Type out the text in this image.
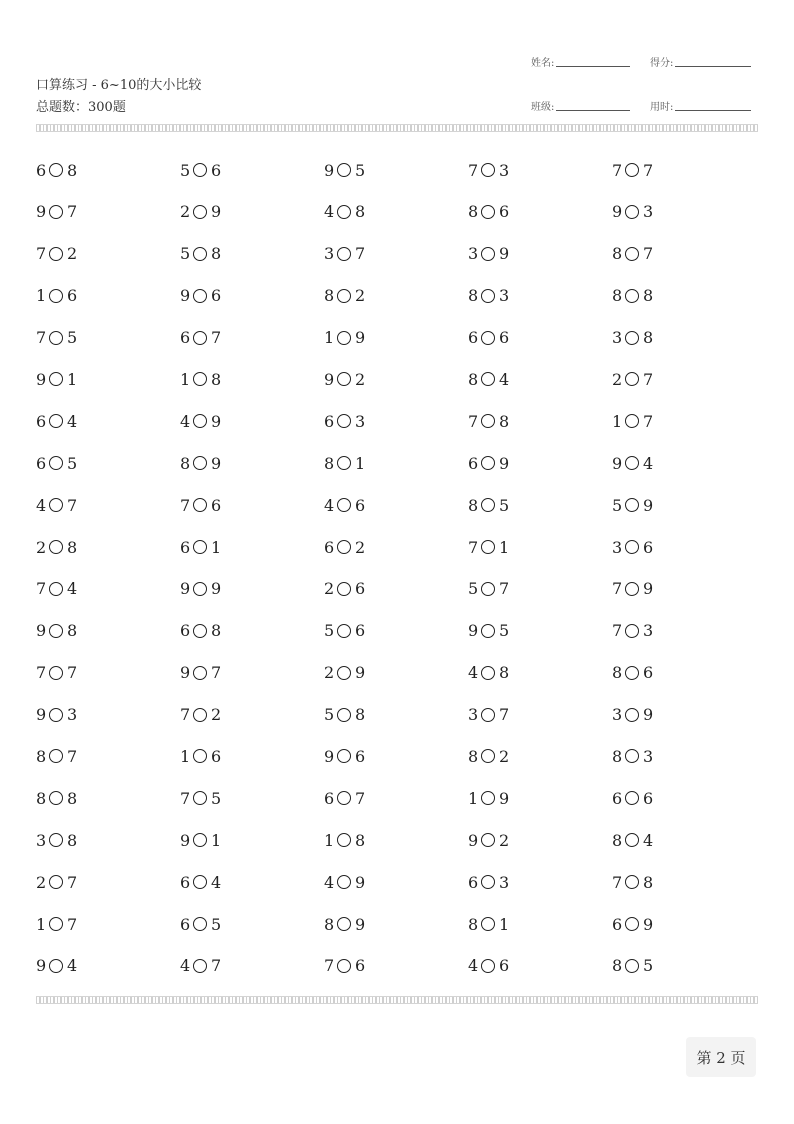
口算练习 - 6~10的大小比较
总题数：300题
姓名:	得分:
班级:	用时:
6 8	5 6	9 5	7 3	7 7
9 7	2 9	4 8	8 6	9 3
7 2	5 8	3 7	3 9	8 7
1 6	9 6	8 2	8 3	8 8
7 5	6 7	1 9	6 6	3 8
9 1	1 8	9 2	8 4	2 7
6 4	4 9	6 3	7 8	1 7
6 5	8 9	8 1	6 9	9 4
4 7	7 6	4 6	8 5	5 9
2 8	6 1	6 2	7 1	3 6
7 4	9 9	2 6	5 7	7 9
9 8	6 8	5 6	9 5	7 3
7 7	9 7	2 9	4 8	8 6
9 3	7 2	5 8	3 7	3 9
8 7	1 6	9 6	8 2	8 3
8 8	7 5	6 7	1 9	6 6
3 8	9 1	1 8	9 2	8 4
2 7	6 4	4 9	6 3	7 8
1 7	6 5	8 9	8 1	6 9
9 4	4 7	7 6	4 6	8 5
第 2 页
